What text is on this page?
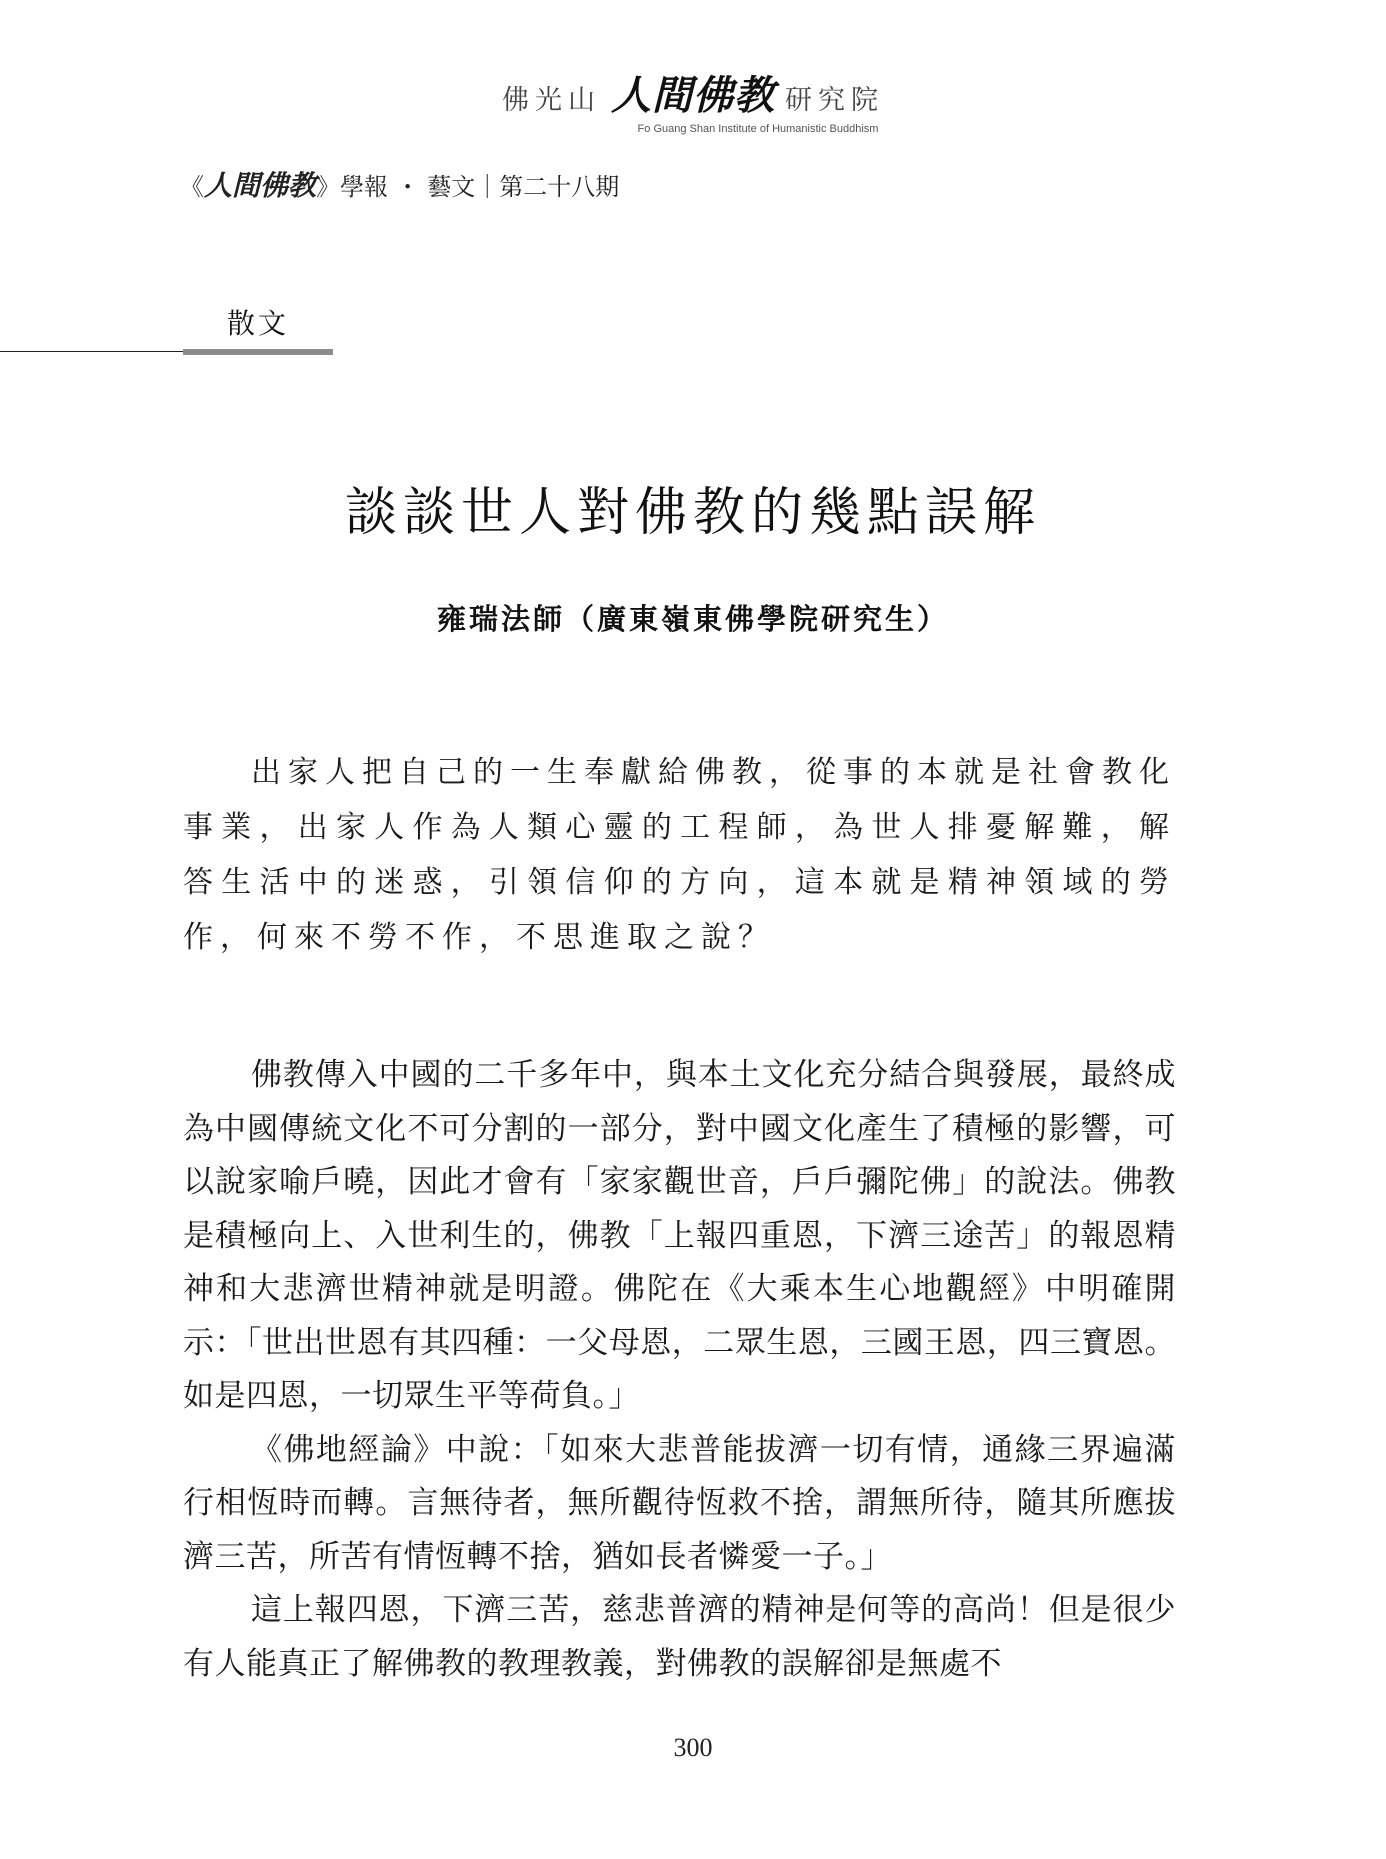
佛光山 人間佛教 研究院
Fo Guang Shan Institute of Humanistic Buddhism
《人間佛教》學報 ・ 藝文｜第二十八期
散文
談談世人對佛教的幾點誤解
雍瑞法師（廣東嶺東佛學院研究生）

出家人把自己的一生奉獻給佛教，從事的本就是社會教化事業，出家人作為人類心靈的工程師，為世人排憂解難，解答生活中的迷惑，引領信仰的方向，這本就是精神領域的勞作，何來不勞不作，不思進取之說？

佛教傳入中國的二千多年中，與本土文化充分結合與發展，最終成為中國傳統文化不可分割的一部分，對中國文化產生了積極的影響，可以說家喻戶曉，因此才會有「家家觀世音，戶戶彌陀佛」的說法。佛教是積極向上、入世利生的，佛教「上報四重恩，下濟三途苦」的報恩精神和大悲濟世精神就是明證。佛陀在《大乘本生心地觀經》中明確開示：「世出世恩有其四種：一父母恩，二眾生恩，三國王恩，四三寶恩。如是四恩，一切眾生平等荷負。」

《佛地經論》中說：「如來大悲普能拔濟一切有情，通緣三界遍滿行相恆時而轉。言無待者，無所觀待恆救不捨，謂無所待，隨其所應拔濟三苦，所苦有情恆轉不捨，猶如長者憐愛一子。」

這上報四恩，下濟三苦，慈悲普濟的精神是何等的高尚！但是很少有人能真正了解佛教的教理教義，對佛教的誤解卻是無處不

300
